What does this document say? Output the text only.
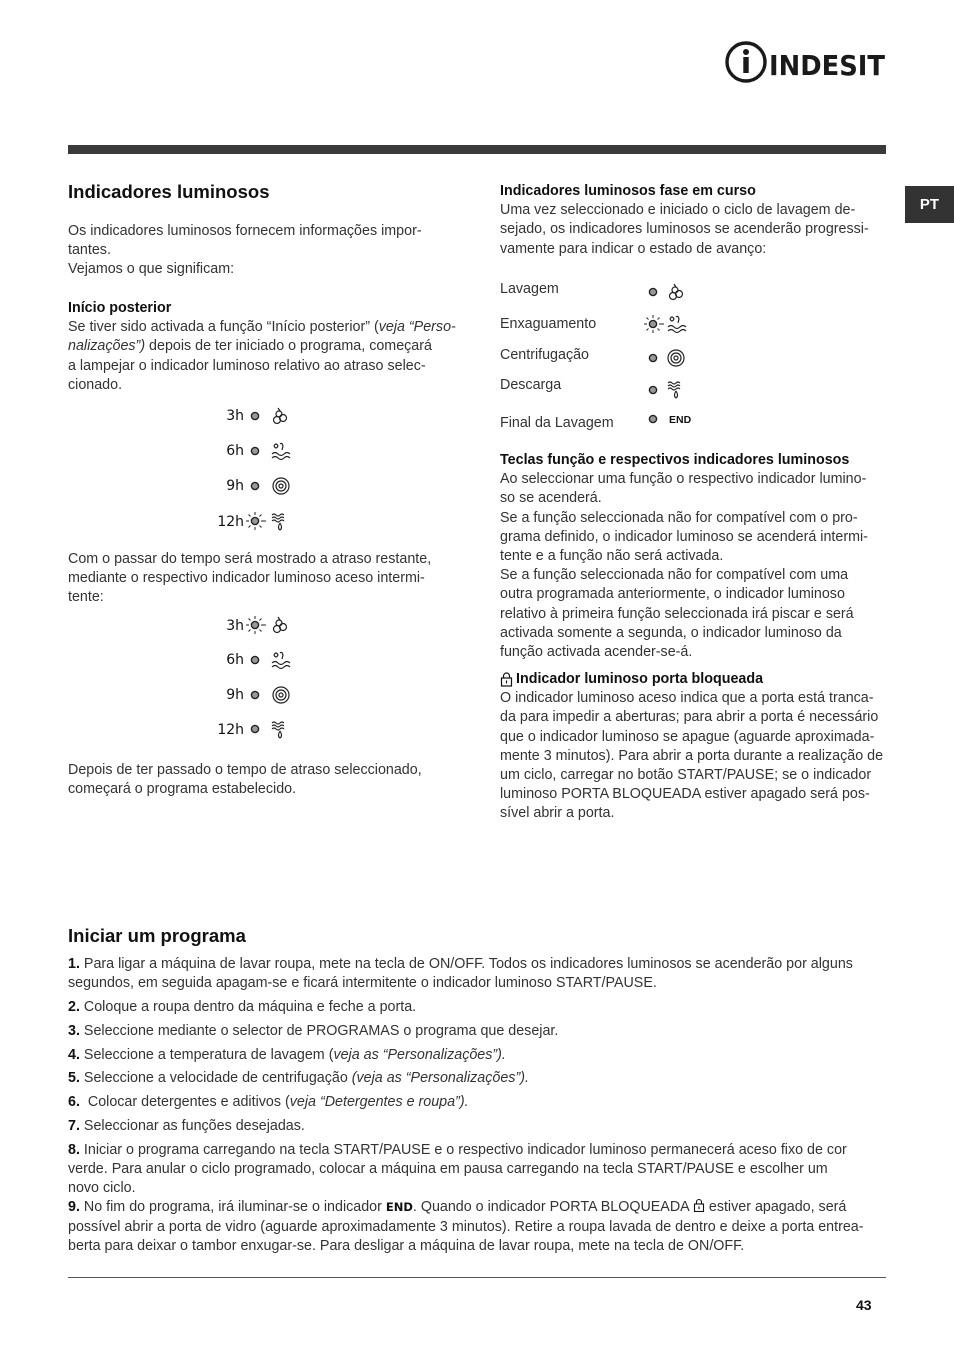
INDESIT
PT
Indicadores luminosos

Os indicadores luminosos fornecem informações impor-

tantes.

Vejamos o que significam:

Início posterior

Se tiver sido activada a função “Início posterior” (veja “Perso-

nalizações”) depois de ter iniciado o programa, começará

a lampejar o indicador luminoso relativo ao atraso selec-

cionado.

3h
6h
9h
12h

Com o passar do tempo será mostrado a atraso restante,

mediante o respectivo indicador luminoso aceso intermi-

tente:

3h
6h
9h
12h

Depois de ter passado o tempo de atraso seleccionado,

começará o programa estabelecido.

Indicadores luminosos fase em curso

Uma vez seleccionado e iniciado o ciclo de lavagem de-

sejado, os indicadores luminosos se acenderão progressi-

vamente para indicar o estado de avanço:

Lavagem
Enxaguamento
Centrifugação
Descarga
Final da Lavagem	END

Teclas função e respectivos indicadores luminosos

Ao seleccionar uma função o respectivo indicador lumino-

so se acenderá.

Se a função seleccionada não for compatível com o pro-

grama definido, o indicador luminoso se acenderá intermi-

tente e a função não será activada.

Se a função seleccionada não for compatível com uma

outra programada anteriormente, o indicador luminoso

relativo à primeira função seleccionada irá piscar e será

activada somente a segunda, o indicador luminoso da

função activada acender-se-á.

Indicador luminoso porta bloqueada

O indicador luminoso aceso indica que a porta está tranca-

da para impedir a aberturas; para abrir a porta é necessário

que o indicador luminoso se apague (aguarde aproximada-

mente 3 minutos). Para abrir a porta durante a realização de

um ciclo, carregar no botão START/PAUSE; se o indicador

luminoso PORTA BLOQUEADA estiver apagado será pos-

sível abrir a porta.

Iniciar um programa

1. Para ligar a máquina de lavar roupa, mete na tecla de ON/OFF. Todos os indicadores luminosos se acenderão por alguns

segundos, em seguida apagam-se e ficará intermitente o indicador luminoso START/PAUSE.

2. Coloque a roupa dentro da máquina e feche a porta.
3. Seleccione mediante o selector de PROGRAMAS o programa que desejar.
4. Seleccione a temperatura de lavagem (veja as “Personalizações”).
5. Seleccione a velocidade de centrifugação (veja as “Personalizações”).
6.  Colocar detergentes e aditivos (veja “Detergentes e roupa”).
7. Seleccionar as funções desejadas.

8. Iniciar o programa carregando na tecla START/PAUSE e o respectivo indicador luminoso permanecerá aceso fixo de cor

verde. Para anular o ciclo programado, colocar a máquina em pausa carregando na tecla START/PAUSE e escolher um

novo ciclo.

9. No fim do programa, irá iluminar-se o indicador END. Quando o indicador PORTA BLOQUEADA  estiver apagado, será

possível abrir a porta de vidro (aguarde aproximadamente 3 minutos). Retire a roupa lavada de dentro e deixe a porta entrea-

berta para deixar o tambor enxugar-se. Para desligar a máquina de lavar roupa, mete na tecla de ON/OFF.

43
